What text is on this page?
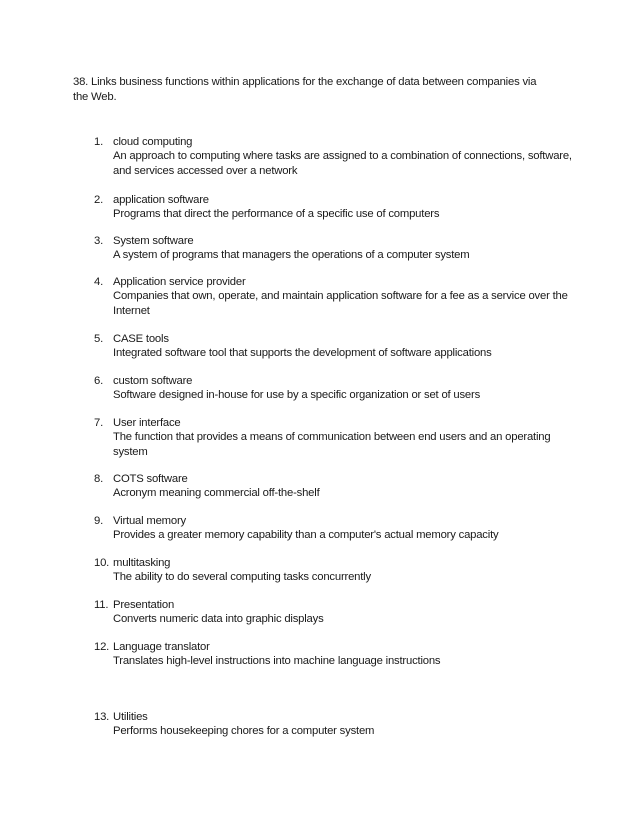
38. Links business functions within applications for the exchange of data between companies via the Web.
1. cloud computing
An approach to computing where tasks are assigned to a combination of connections, software, and services accessed over a network
2. application software
Programs that direct the performance of a specific use of computers
3. System software
A system of programs that managers the operations of a computer system
4. Application service provider
Companies that own, operate, and maintain application software for a fee as a service over the Internet
5. CASE tools
Integrated software tool that supports the development of software applications
6. custom software
Software designed in-house for use by a specific organization or set of users
7. User interface
The function that provides a means of communication between end users and an operating system
8. COTS software
Acronym meaning commercial off-the-shelf
9. Virtual memory
Provides a greater memory capability than a computer's actual memory capacity
10. multitasking
The ability to do several computing tasks concurrently
11. Presentation
Converts numeric data into graphic displays
12. Language translator
Translates high-level instructions into machine language instructions
13. Utilities
Performs housekeeping chores for a computer system
